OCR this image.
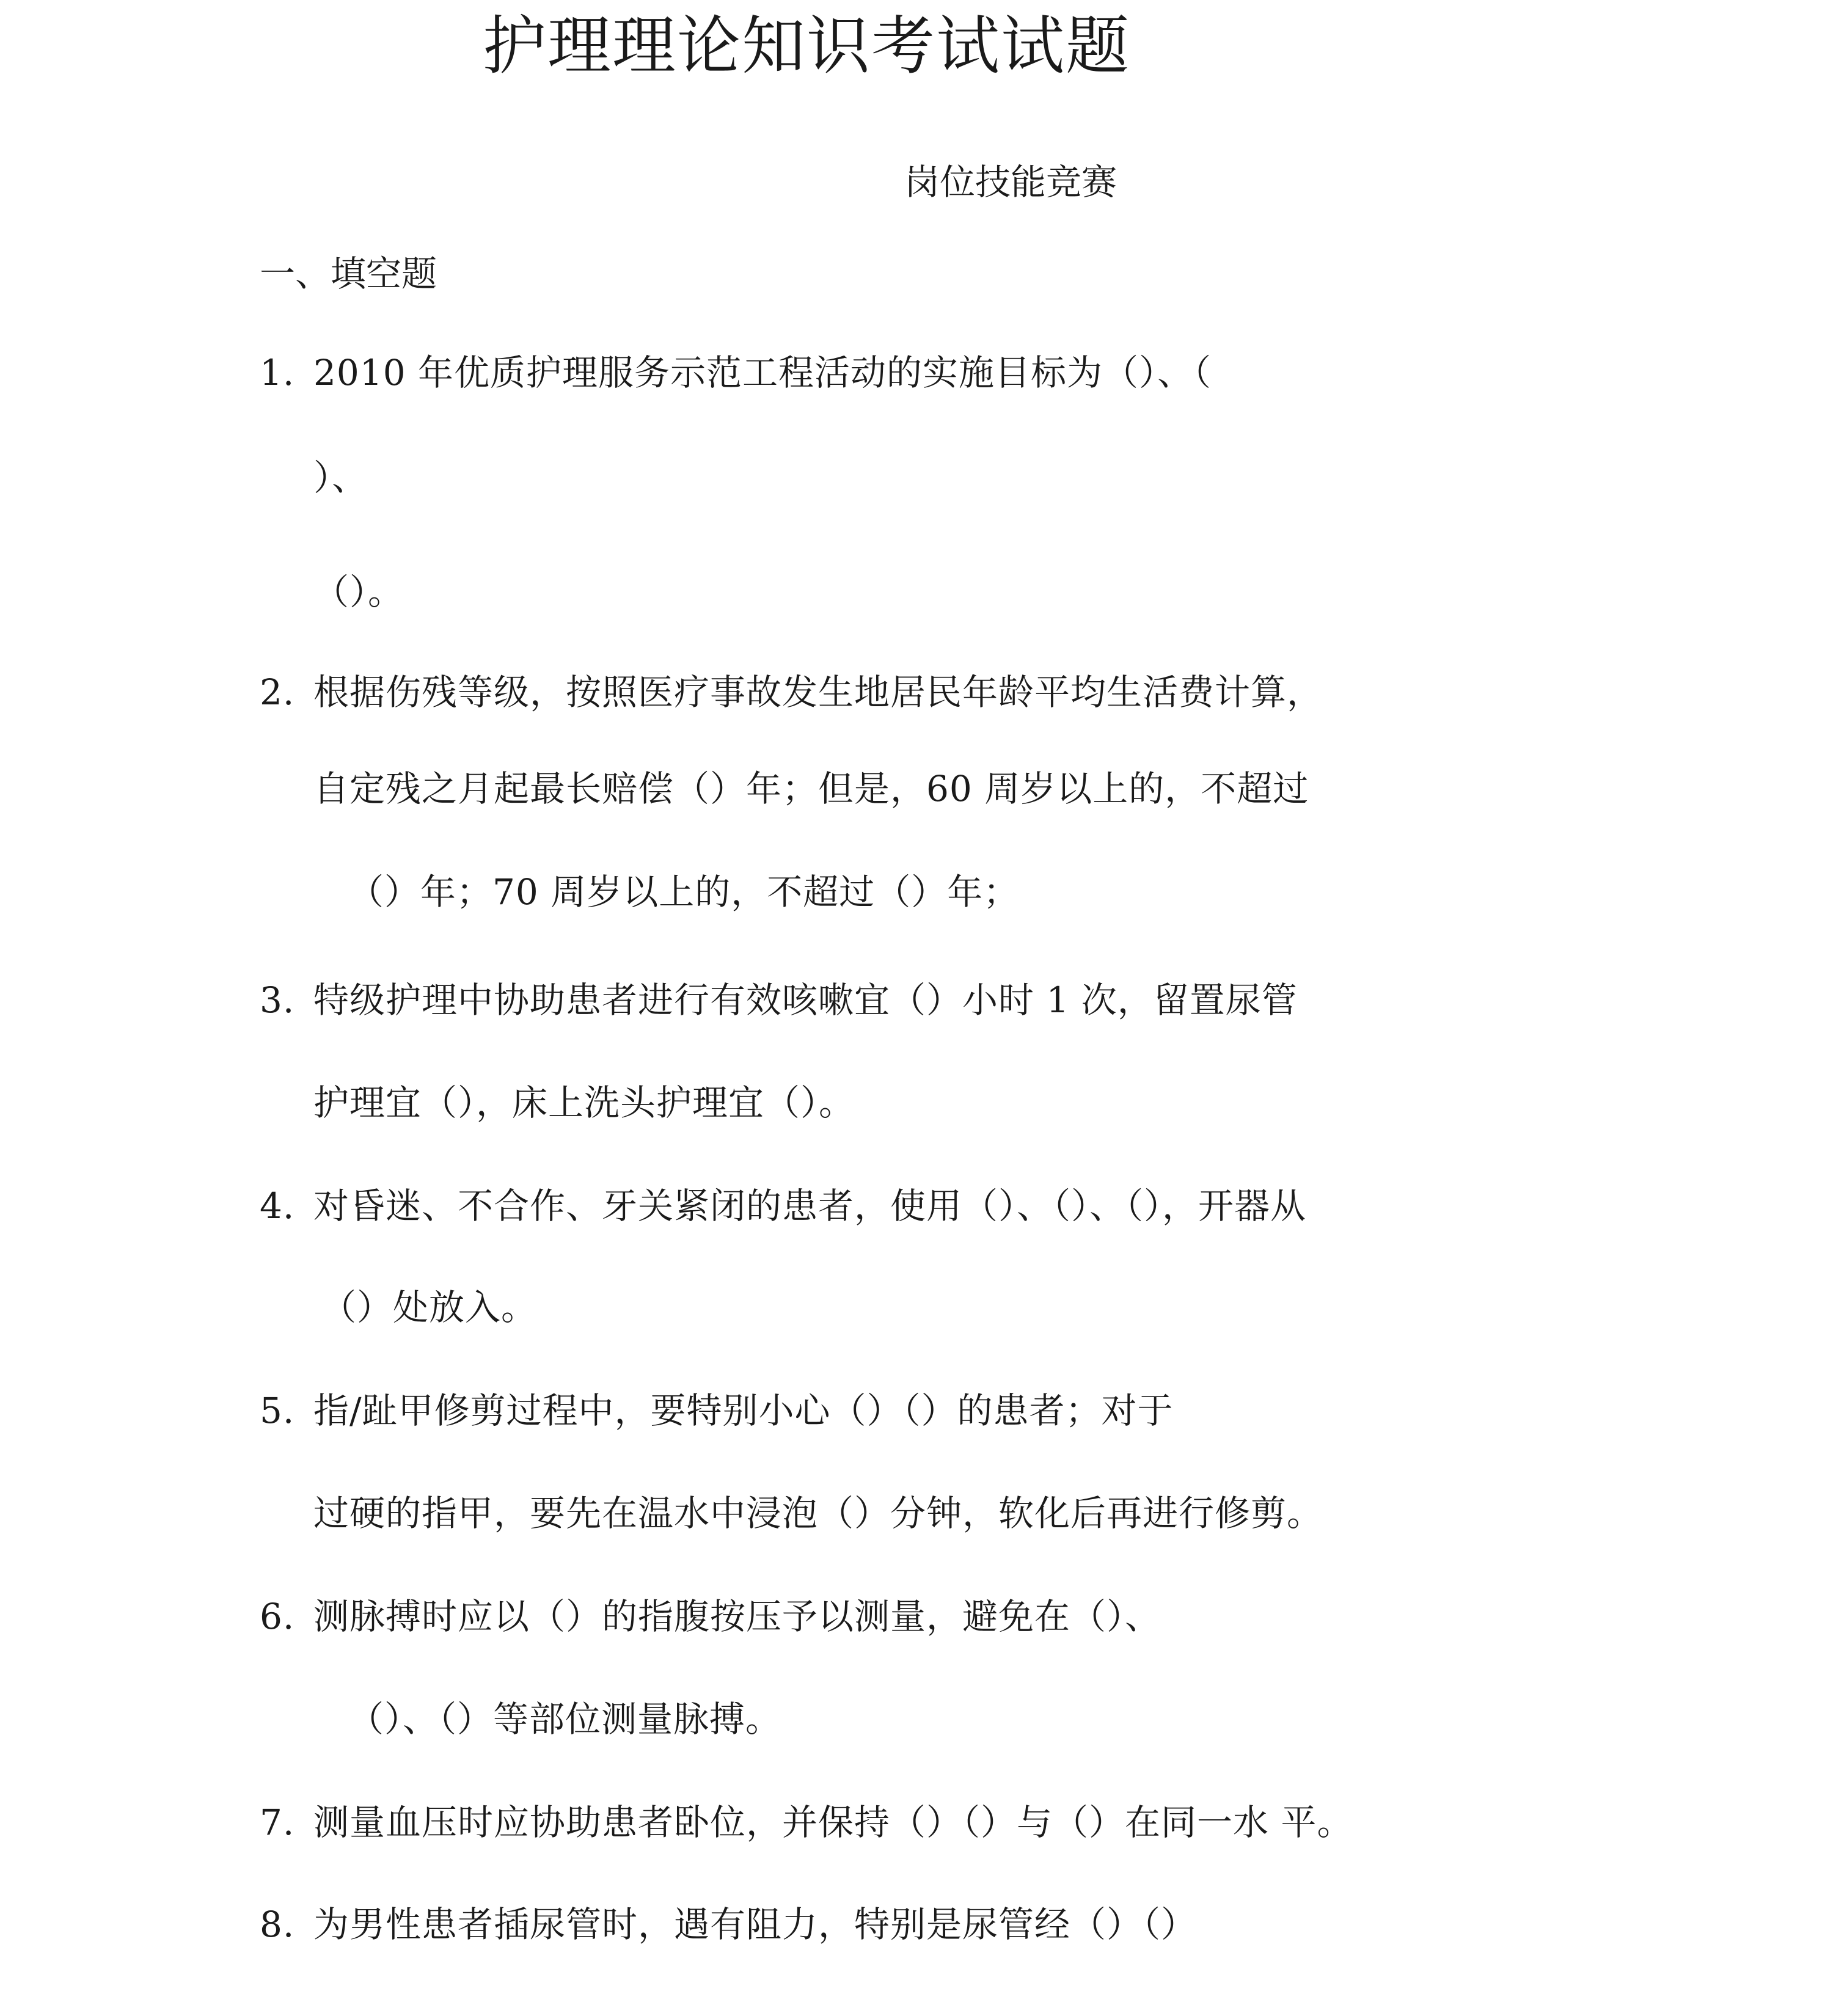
护理理论知识考试试题
岗位技能竞赛
一、填空题
1. 2010 年优质护理服务示范工程活动的实施目标为（）、（
）、
（）。
2. 根据伤残等级，按照医疗事故发生地居民年龄平均生活费计算，
自定残之月起最长赔偿（）年；但是，60 周岁以上的，不超过
（）年；70 周岁以上的，不超过（）年；
3. 特级护理中协助患者进行有效咳嗽宜（）小时 1 次，留置尿管
护理宜（），床上洗头护理宜（）。
4. 对昏迷、不合作、牙关紧闭的患者，使用（）、（）、（），开器从
（）处放入。
5. 指/趾甲修剪过程中，要特别小心（）（）的患者；对于
过硬的指甲，要先在温水中浸泡（）分钟，软化后再进行修剪。
6. 测脉搏时应以（）的指腹按压予以测量，避免在（）、
（）、（）等部位测量脉搏。
7. 测量血压时应协助患者卧位，并保持（）（）与（）在同一水 平。
8. 为男性患者插尿管时，遇有阻力，特别是尿管经（）（）
